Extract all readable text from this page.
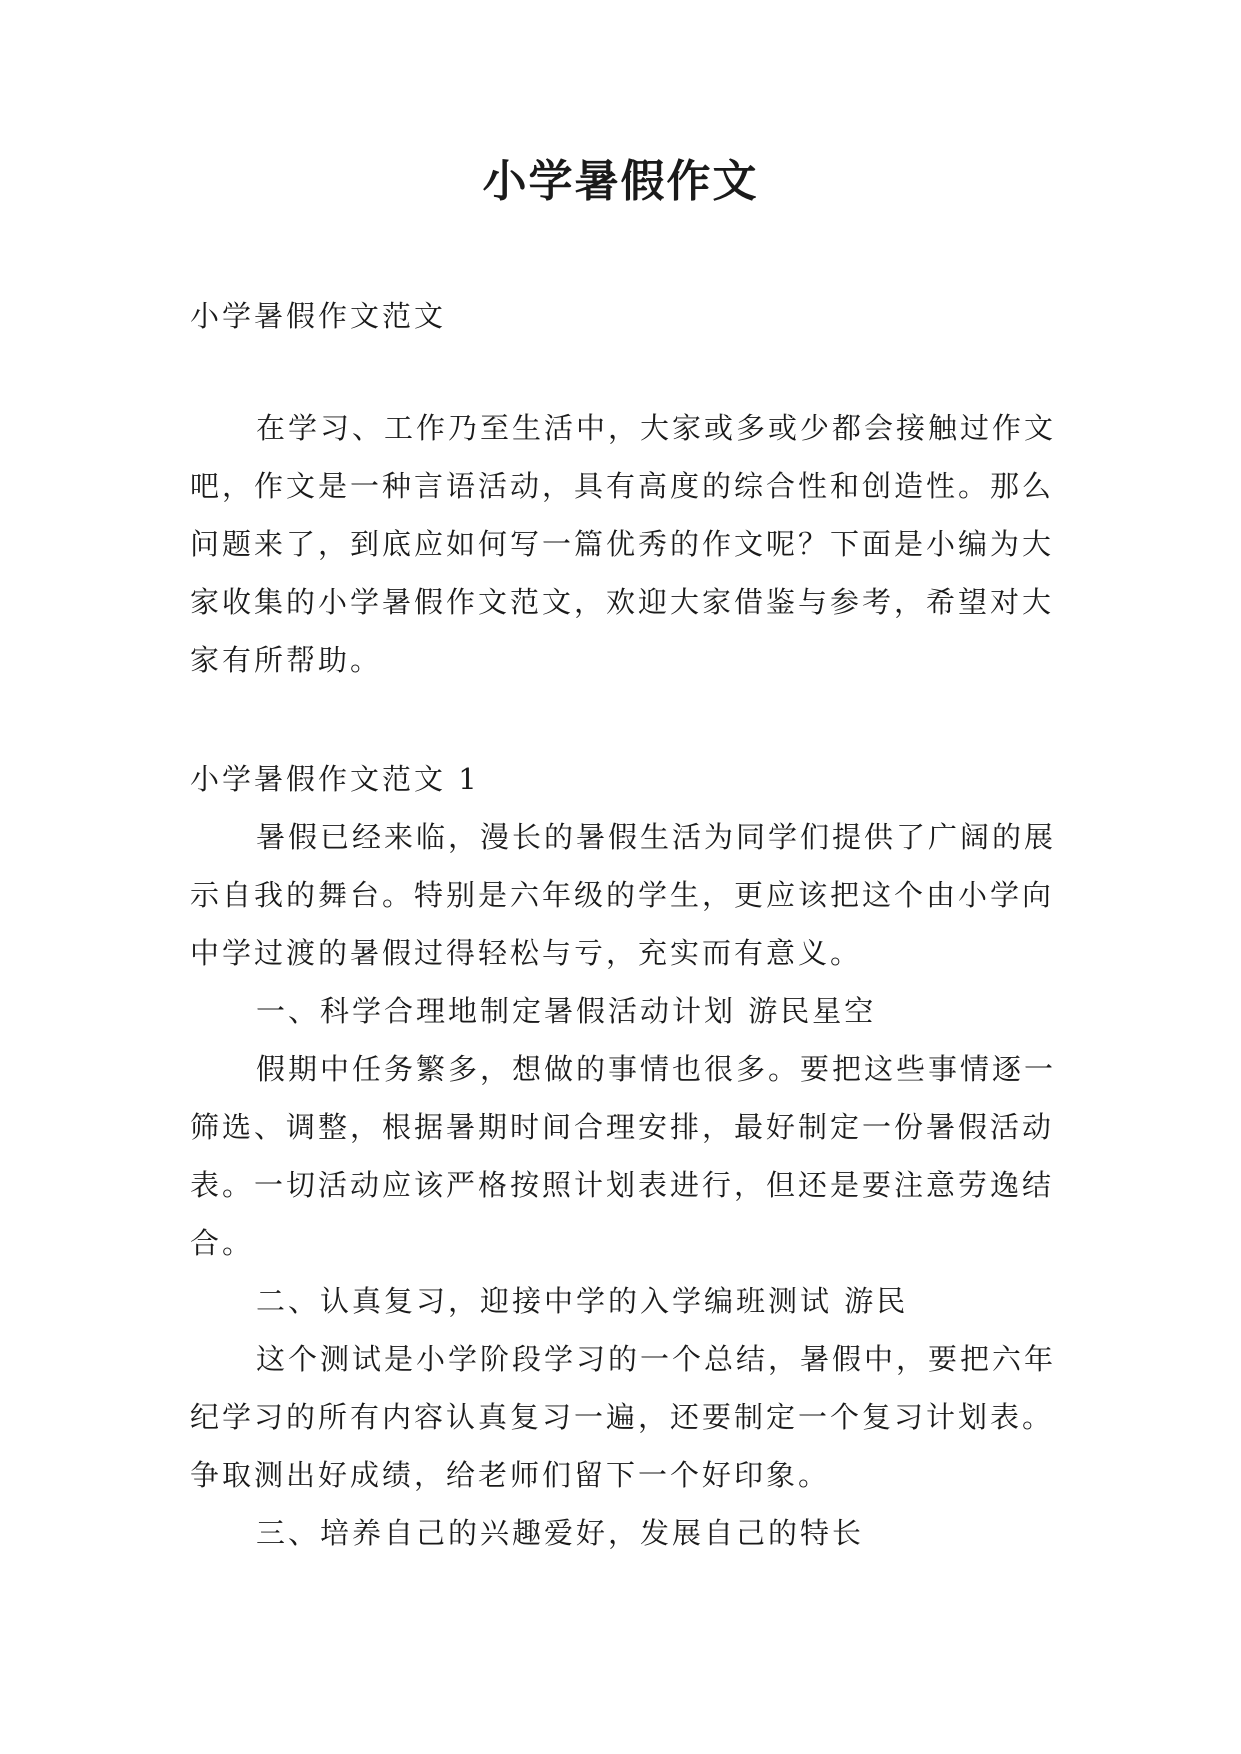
小学暑假作文
小学暑假作文范文
在学习、工作乃至生活中，大家或多或少都会接触过作文吧，作文是一种言语活动，具有高度的综合性和创造性。那么问题来了，到底应如何写一篇优秀的作文呢？下面是小编为大家收集的小学暑假作文范文，欢迎大家借鉴与参考，希望对大家有所帮助。

小学暑假作文范文 1

暑假已经来临，漫长的暑假生活为同学们提供了广阔的展示自我的舞台。特别是六年级的学生，更应该把这个由小学向中学过渡的暑假过得轻松与亏，充实而有意义。

一、科学合理地制定暑假活动计划 游民星空

假期中任务繁多，想做的事情也很多。要把这些事情逐一筛选、调整，根据暑期时间合理安排，最好制定一份暑假活动表。一切活动应该严格按照计划表进行，但还是要注意劳逸结合。

二、认真复习，迎接中学的入学编班测试 游民

这个测试是小学阶段学习的一个总结，暑假中，要把六年纪学习的所有内容认真复习一遍，还要制定一个复习计划表。争取测出好成绩，给老师们留下一个好印象。

三、培养自己的兴趣爱好，发展自己的特长
